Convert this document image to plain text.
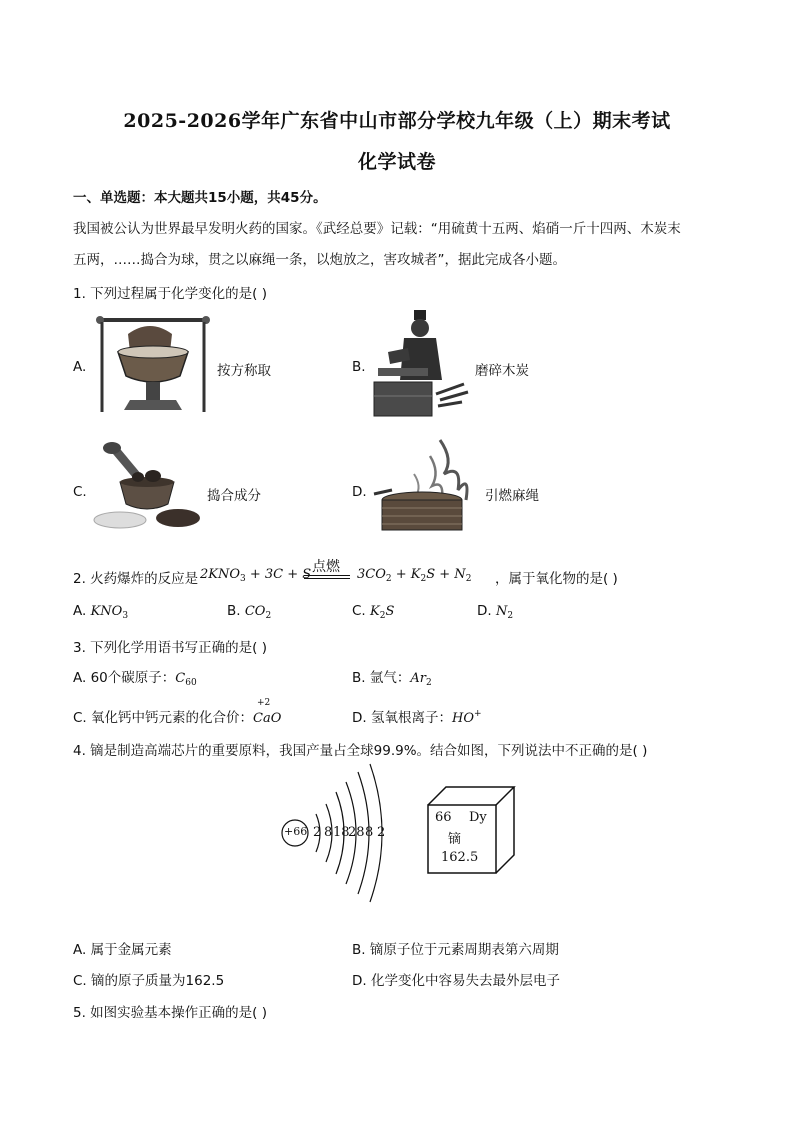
2025-2026学年广东省中山市部分学校九年级（上）期末考试
化学试卷
一、单选题：本大题共15小题，共45分。
我国被公认为世界最早发明火药的国家。《武经总要》记载：“用硫黄十五两、焰硝一斤十四两、木炭末
五两，……捣合为球，贯之以麻绳一条，以炮放之，害攻城者”，据此完成各小题。
1. 下列过程属于化学变化的是( )
A.	按方称取	B.	磨碎木炭
C.	捣合成分	D.	引燃麻绳
2. 火药爆炸的反应是 $2KNO_3 + 3C + S$ 点燃 $3CO_2 + K_2S + N_2$ ，属于氧化物的是( )
A. $KNO_3$	B. $CO_2$	C. $K_2S$	D. $N_2$
3. 下列化学用语书写正确的是( )
A. 60个碳原子：$C_{60}$	B. 氩气：$Ar_2$
C. 氧化钙中钙元素的化合价：
+2
CaO	D. 氢氧根离子：HO+
4. 镝是制造高端芯片的重要原料，我国产量占全球99.9%。结合如图，下列说法中不正确的是( )
+66 2 8 18
28 8 2
66 Dy
镝
162.5
A. 属于金属元素	B. 镝原子位于元素周期表第六周期
C. 镝的原子质量为162.5	D. 化学变化中容易失去最外层电子
5. 如图实验基本操作正确的是( )
